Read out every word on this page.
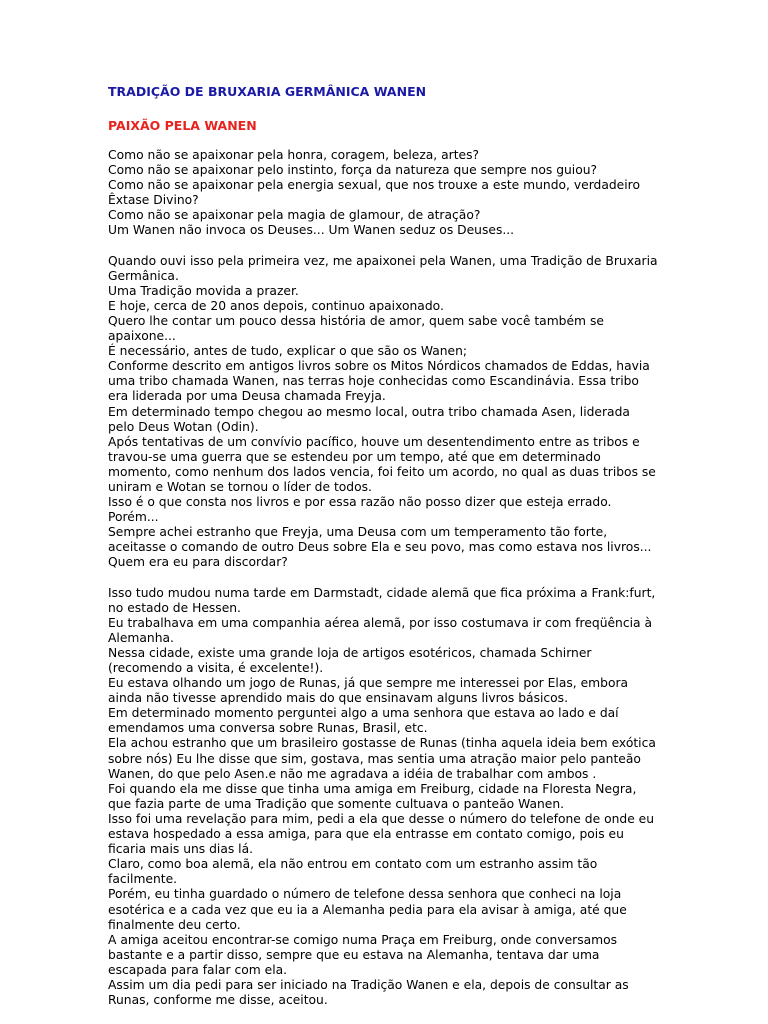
TRADIÇÃO DE BRUXARIA GERMÂNICA WANEN
PAIXÃO PELA WANEN
Como não se apaixonar pela honra, coragem, beleza, artes?
Como não se apaixonar pelo instinto, força da natureza que sempre nos guiou?
Como não se apaixonar pela energia sexual, que nos trouxe a este mundo, verdadeiro Êxtase Divino?
Como não se apaixonar pela magia de glamour, de atração?
Um Wanen não invoca os Deuses... Um Wanen seduz os Deuses...
Quando ouvi isso pela primeira vez, me apaixonei pela Wanen, uma Tradição de Bruxaria Germânica.
Uma Tradição movida a prazer.
E hoje, cerca de 20 anos depois, continuo apaixonado.
Quero lhe contar um pouco dessa história de amor, quem sabe você também se apaixone...
É necessário, antes de tudo, explicar o que são os Wanen;
Conforme descrito em antigos livros sobre os Mitos Nórdicos chamados de Eddas, havia uma tribo chamada Wanen, nas terras hoje conhecidas como Escandinávia. Essa tribo era liderada por uma Deusa chamada Freyja.
Em determinado tempo chegou ao mesmo local, outra tribo chamada Asen, liderada pelo Deus Wotan (Odin).
Após tentativas de um convívio pacífico, houve um desentendimento entre as tribos e travou-se uma guerra que se estendeu por um tempo, até que em determinado momento, como nenhum dos lados vencia, foi feito um acordo, no qual as duas tribos se uniram e Wotan se tornou o líder de todos.
Isso é o que consta nos livros e por essa razão não posso dizer que esteja errado.
Porém...
Sempre achei estranho que Freyja, uma Deusa com um temperamento tão forte, aceitasse o comando de outro Deus sobre Ela e seu povo, mas como estava nos livros... Quem era eu para discordar?
Isso tudo mudou numa tarde em Darmstadt, cidade alemã que fica próxima a Frank:furt, no estado de Hessen.
Eu trabalhava em uma companhia aérea alemã, por isso costumava ir com freqüência à Alemanha.
Nessa cidade, existe uma grande loja de artigos esotéricos, chamada Schirner (recomendo a visita, é excelente!).
Eu estava olhando um jogo de Runas, já que sempre me interessei por Elas, embora ainda não tivesse aprendido mais do que ensinavam alguns livros básicos.
Em determinado momento perguntei algo a uma senhora que estava ao lado e daí emendamos uma conversa sobre Runas, Brasil, etc.
Ela achou estranho que um brasileiro gostasse de Runas (tinha aquela ideia bem exótica sobre nós) Eu lhe disse que sim, gostava, mas sentia uma atração maior pelo panteão Wanen, do que pelo Asen.e não me agradava a idéia de trabalhar com ambos .
Foi quando ela me disse que tinha uma amiga em Freiburg, cidade na Floresta Negra, que fazia parte de uma Tradição que somente cultuava o panteão Wanen.
Isso foi uma revelação para mim, pedi a ela que desse o número do telefone de onde eu estava hospedado a essa amiga, para que ela entrasse em contato comigo, pois eu ficaria mais uns dias lá.
Claro, como boa alemã, ela não entrou em contato com um estranho assim tão facilmente.
Porém, eu tinha guardado o número de telefone dessa senhora que conheci na loja esotérica e a cada vez que eu ia a Alemanha pedia para ela avisar à amiga, até que finalmente deu certo.
A amiga aceitou encontrar-se comigo numa Praça em Freiburg, onde conversamos bastante e a partir disso, sempre que eu estava na Alemanha, tentava dar uma escapada para falar com ela.
Assim um dia pedi para ser iniciado na Tradição Wanen e ela, depois de consultar as Runas, conforme me disse, aceitou.
